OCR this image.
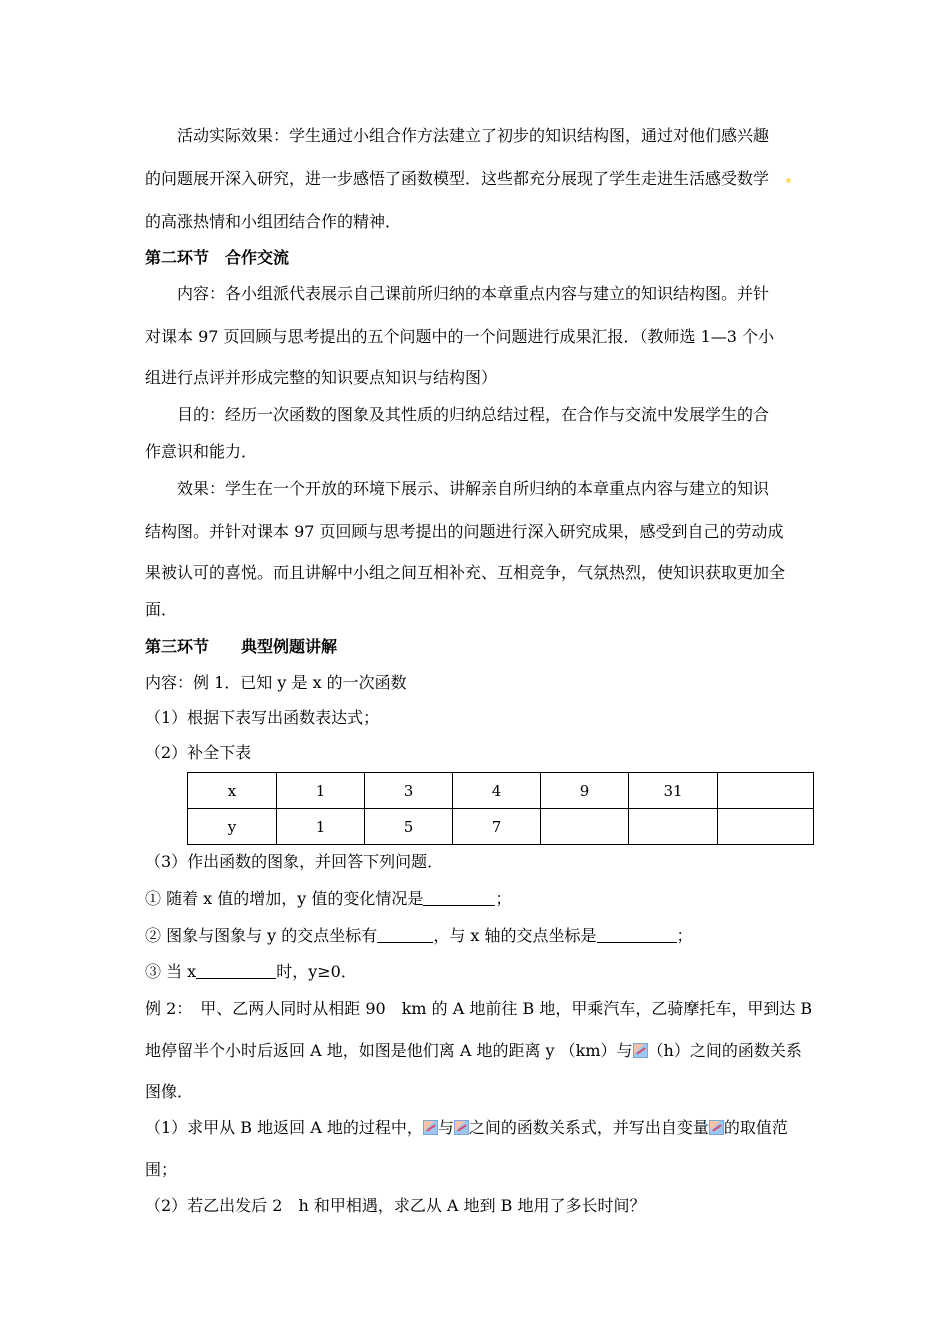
活动实际效果：学生通过小组合作方法建立了初步的知识结构图，通过对他们感兴趣
的问题展开深入研究，进一步感悟了函数模型．这些都充分展现了学生走进生活感受数学
的高涨热情和小组团结合作的精神．
第二环节　合作交流
内容：各小组派代表展示自己课前所归纳的本章重点内容与建立的知识结构图。并针
对课本 97 页回顾与思考提出的五个问题中的一个问题进行成果汇报．（教师选 1—3 个小
组进行点评并形成完整的知识要点知识与结构图）
目的：经历一次函数的图象及其性质的归纳总结过程，在合作与交流中发展学生的合
作意识和能力．
效果：学生在一个开放的环境下展示、讲解亲自所归纳的本章重点内容与建立的知识
结构图。并针对课本 97 页回顾与思考提出的问题进行深入研究成果，感受到自己的劳动成
果被认可的喜悦。而且讲解中小组之间互相补充、互相竞争，气氛热烈，使知识获取更加全
面．
第三环节　　典型例题讲解
内容：例 1．已知 y 是 x 的一次函数
（1）根据下表写出函数表达式；
（2）补全下表
x	1	3	4	9	31	
y	1	5	7			
（3）作出函数的图象，并回答下列问题．
① 随着 x 值的增加，y 值的变化情况是	；
② 图象与图象与 y 的交点坐标有	，与 x 轴的交点坐标是	；
③ 当 x	时，y≥0．
例 2：　甲、乙两人同时从相距 90　km 的 A 地前往 B 地，甲乘汽车，乙骑摩托车，甲到达 B
地停留半个小时后返回 A 地，如图是他们离 A 地的距离 y （km）与 （h）之间的函数关系
图像．
（1）求甲从 B 地返回 A 地的过程中， 与 之间的函数关系式，并写出自变量 的取值范
围；
（2）若乙出发后 2　h 和甲相遇，求乙从 A 地到 B 地用了多长时间？
